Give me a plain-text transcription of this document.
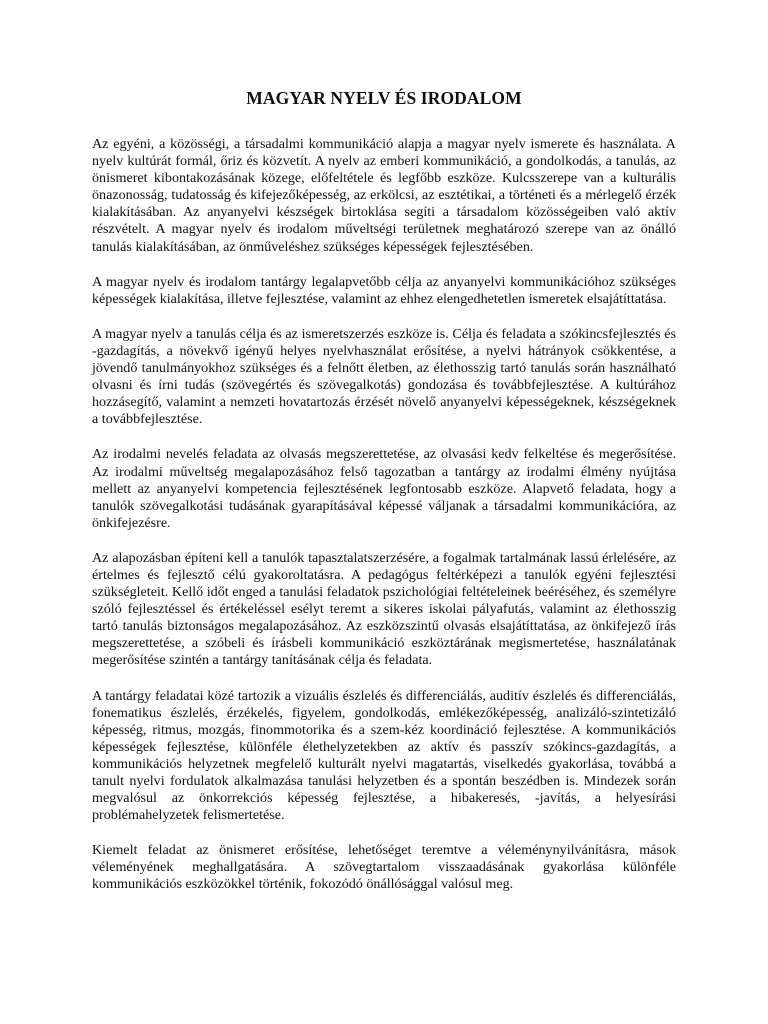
MAGYAR NYELV ÉS IRODALOM

Az egyéni, a közösségi, a társadalmi kommunikáció alapja a magyar nyelv ismerete és használata. A nyelv kultúrát formál, őriz és közvetít. A nyelv az emberi kommunikáció, a gondolkodás, a tanulás, az önismeret kibontakozásának közege, előfeltétele és legfőbb eszköze. Kulcsszerepe van a kulturális önazonosság, tudatosság és kifejezőképesség, az erkölcsi, az esztétikai, a történeti és a mérlegelő érzék kialakításában. Az anyanyelvi készségek birtoklása segíti a társadalom közösségeiben való aktív részvételt. A magyar nyelv és irodalom műveltségi területnek meghatározó szerepe van az önálló tanulás kialakításában, az önműveléshez szükséges képességek fejlesztésében.

A magyar nyelv és irodalom tantárgy legalapvetőbb célja az anyanyelvi kommunikációhoz szükséges képességek kialakítása, illetve fejlesztése, valamint az ehhez elengedhetetlen ismeretek elsajátíttatása.

A magyar nyelv a tanulás célja és az ismeretszerzés eszköze is. Célja és feladata a szókincsfejlesztés és -gazdagítás, a növekvő igényű helyes nyelvhasználat erősítése, a nyelvi hátrányok csökkentése, a jövendő tanulmányokhoz szükséges és a felnőtt életben, az élethosszig tartó tanulás során használható olvasni és írni tudás (szövegértés és szövegalkotás) gondozása és továbbfejlesztése. A kultúrához hozzásegítő, valamint a nemzeti hovatartozás érzését növelő anyanyelvi képességeknek, készségeknek a továbbfejlesztése.

Az irodalmi nevelés feladata az olvasás megszerettetése, az olvasási kedv felkeltése és megerősítése. Az irodalmi műveltség megalapozásához felső tagozatban a tantárgy az irodalmi élmény nyújtása mellett az anyanyelvi kompetencia fejlesztésének legfontosabb eszköze. Alapvető feladata, hogy a tanulók szövegalkotási tudásának gyarapításával képessé váljanak a társadalmi kommunikációra, az önkifejezésre.

Az alapozásban építeni kell a tanulók tapasztalatszerzésére, a fogalmak tartalmának lassú érlelésére, az értelmes és fejlesztő célú gyakoroltatásra. A pedagógus feltérképezi a tanulók egyéni fejlesztési szükségleteit. Kellő időt enged a tanulási feladatok pszichológiai feltételeinek beéréséhez, és személyre szóló fejlesztéssel és értékeléssel esélyt teremt a sikeres iskolai pályafutás, valamint az élethosszig tartó tanulás biztonságos megalapozásához. Az eszközszintű olvasás elsajátíttatása, az önkifejező írás megszerettetése, a szóbeli és írásbeli kommunikáció eszköztárának megismertetése, használatának megerősítése szintén a tantárgy tanításának célja és feladata.

A tantárgy feladatai közé tartozik a vizuális észlelés és differenciálás, auditív észlelés és differenciálás, fonematikus észlelés, érzékelés, figyelem, gondolkodás, emlékezőképesség, analizáló-szintetizáló képesség, ritmus, mozgás, finommotorika és a szem-kéz koordináció fejlesztése. A kommunikációs képességek fejlesztése, különféle élethelyzetekben az aktív és passzív szókincs-gazdagítás, a kommunikációs helyzetnek megfelelő kulturált nyelvi magatartás, viselkedés gyakorlása, továbbá a tanult nyelvi fordulatok alkalmazása tanulási helyzetben és a spontán beszédben is. Mindezek során megvalósul az önkorrekciós képesség fejlesztése, a hibakeresés, -javítás, a helyesírási problémahelyzetek felismertetése.

Kiemelt feladat az önismeret erősítése, lehetőséget teremtve a véleménynyilvánításra, mások véleményének meghallgatására. A szövegtartalom visszaadásának gyakorlása különféle kommunikációs eszközökkel történik, fokozódó önállósággal valósul meg.
